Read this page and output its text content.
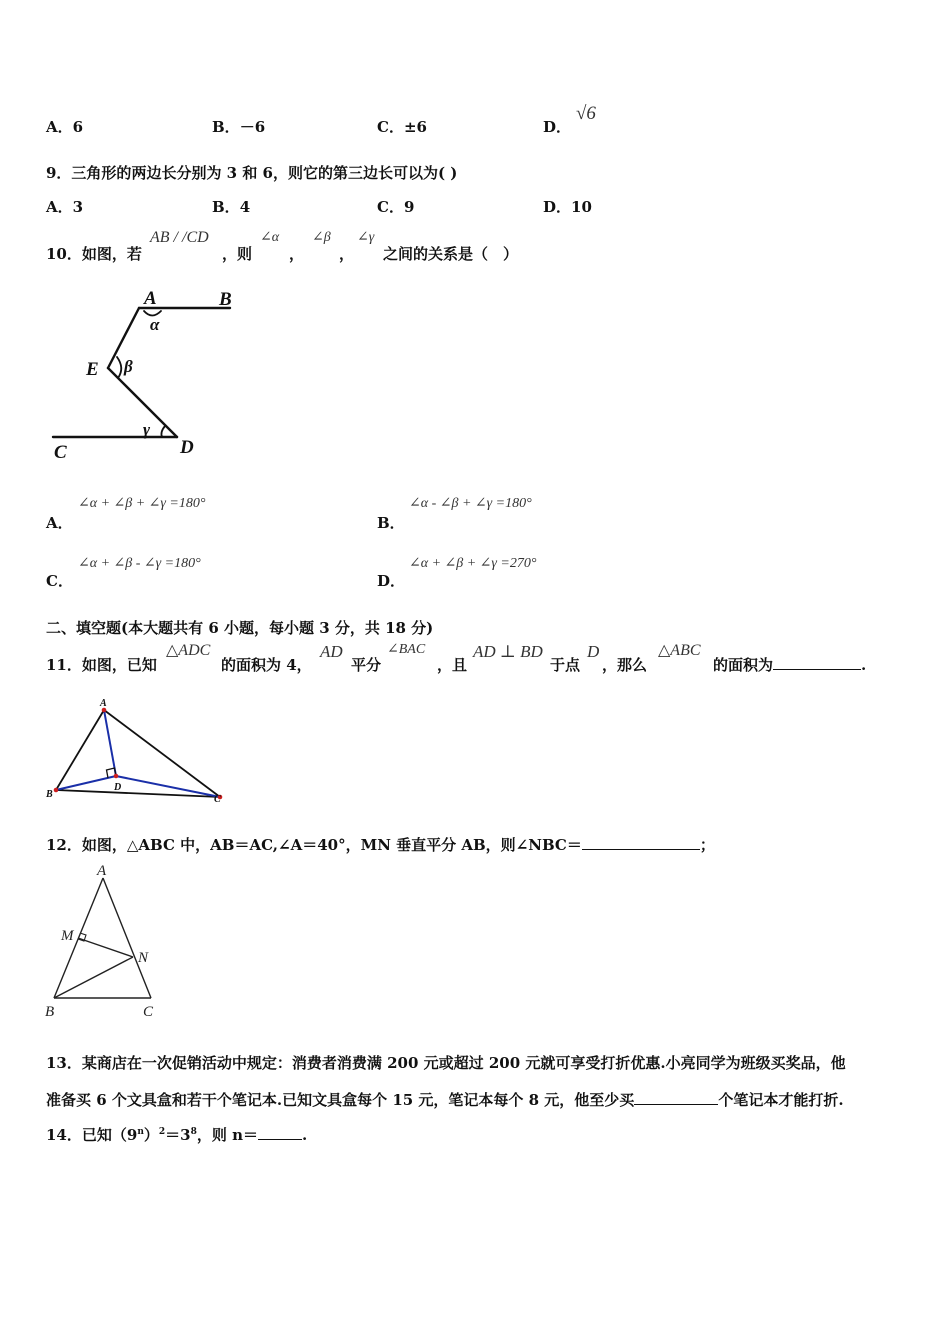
A．6	B．－6	C．±6	D．
√6
9．三角形的两边长分别为 3 和 6，则它的第三边长可以为( )
A．3	B．4	C．9	D．10
10．如图，若
AB / /CD
，则
∠α
，
∠β
，
∠γ
之间的关系是（　）
A	B
C	D
E
α
β
γ
A．
∠α + ∠β + ∠γ =180°
B．
∠α - ∠β + ∠γ =180°
C．
∠α + ∠β - ∠γ =180°
D．
∠α + ∠β + ∠γ =270°
二、填空题(本大题共有 6 小题，每小题 3 分，共 18 分)
11．如图，已知
△ADC
的面积为 4，
AD
平分
∠BAC
，且
AD ⊥ BD
于点
D
，那么
△ABC
的面积为	.
A
B	C
D
12．如图，△ABC 中，AB＝AC,∠A＝40°，MN 垂直平分 AB，则∠NBC＝	；
A
B	C
M
N
13．某商店在一次促销活动中规定：消费者消费满 200 元或超过 200 元就可享受打折优惠.小亮同学为班级买奖品，他
准备买 6 个文具盒和若干个笔记本.已知文具盒每个 15 元，笔记本每个 8 元，他至少买	个笔记本才能打折.
14．已知$(9^n)^2=3^8$，则 n＝	.
